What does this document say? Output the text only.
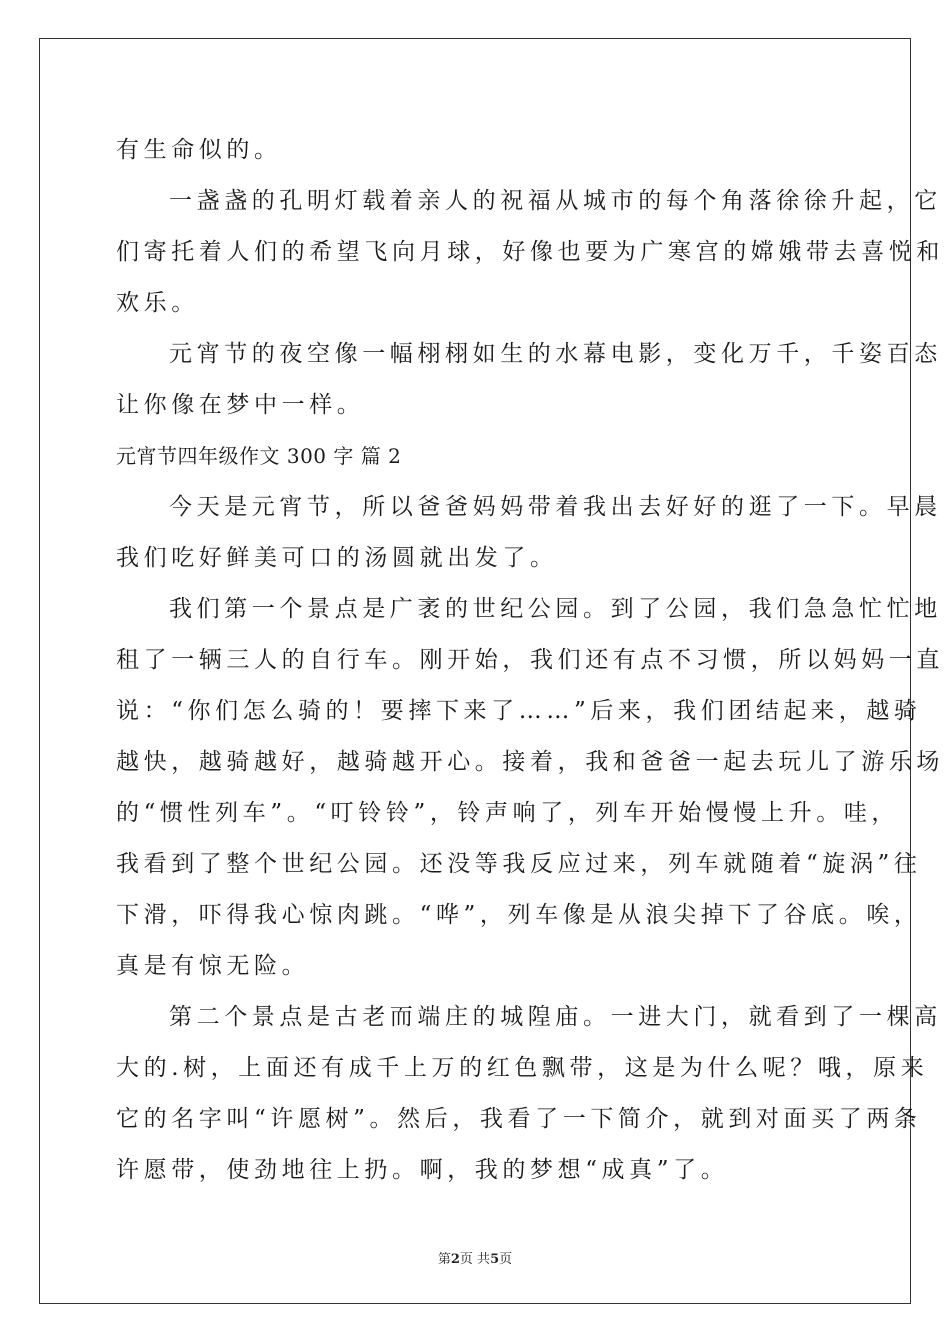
有生命似的。
一盏盏的孔明灯载着亲人的祝福从城市的每个角落徐徐升起，它
们寄托着人们的希望飞向月球，好像也要为广寒宫的嫦娥带去喜悦和
欢乐。
元宵节的夜空像一幅栩栩如生的水幕电影，变化万千，千姿百态
让你像在梦中一样。
元宵节四年级作文 300 字 篇 2
今天是元宵节，所以爸爸妈妈带着我出去好好的逛了一下。早晨
我们吃好鲜美可口的汤圆就出发了。
我们第一个景点是广袤的世纪公园。到了公园，我们急急忙忙地
租了一辆三人的自行车。刚开始，我们还有点不习惯，所以妈妈一直
说：“你们怎么骑的！要摔下来了……”后来，我们团结起来，越骑
越快，越骑越好，越骑越开心。接着，我和爸爸一起去玩儿了游乐场
的“惯性列车”。“叮铃铃”，铃声响了，列车开始慢慢上升。哇，
我看到了整个世纪公园。还没等我反应过来，列车就随着“旋涡”往
下滑，吓得我心惊肉跳。“哗”，列车像是从浪尖掉下了谷底。唉，
真是有惊无险。
第二个景点是古老而端庄的城隍庙。一进大门，就看到了一棵高
大的.树，上面还有成千上万的红色飘带，这是为什么呢？哦，原来
它的名字叫“许愿树”。然后，我看了一下简介，就到对面买了两条
许愿带，使劲地往上扔。啊，我的梦想“成真”了。
第2页 共5页
